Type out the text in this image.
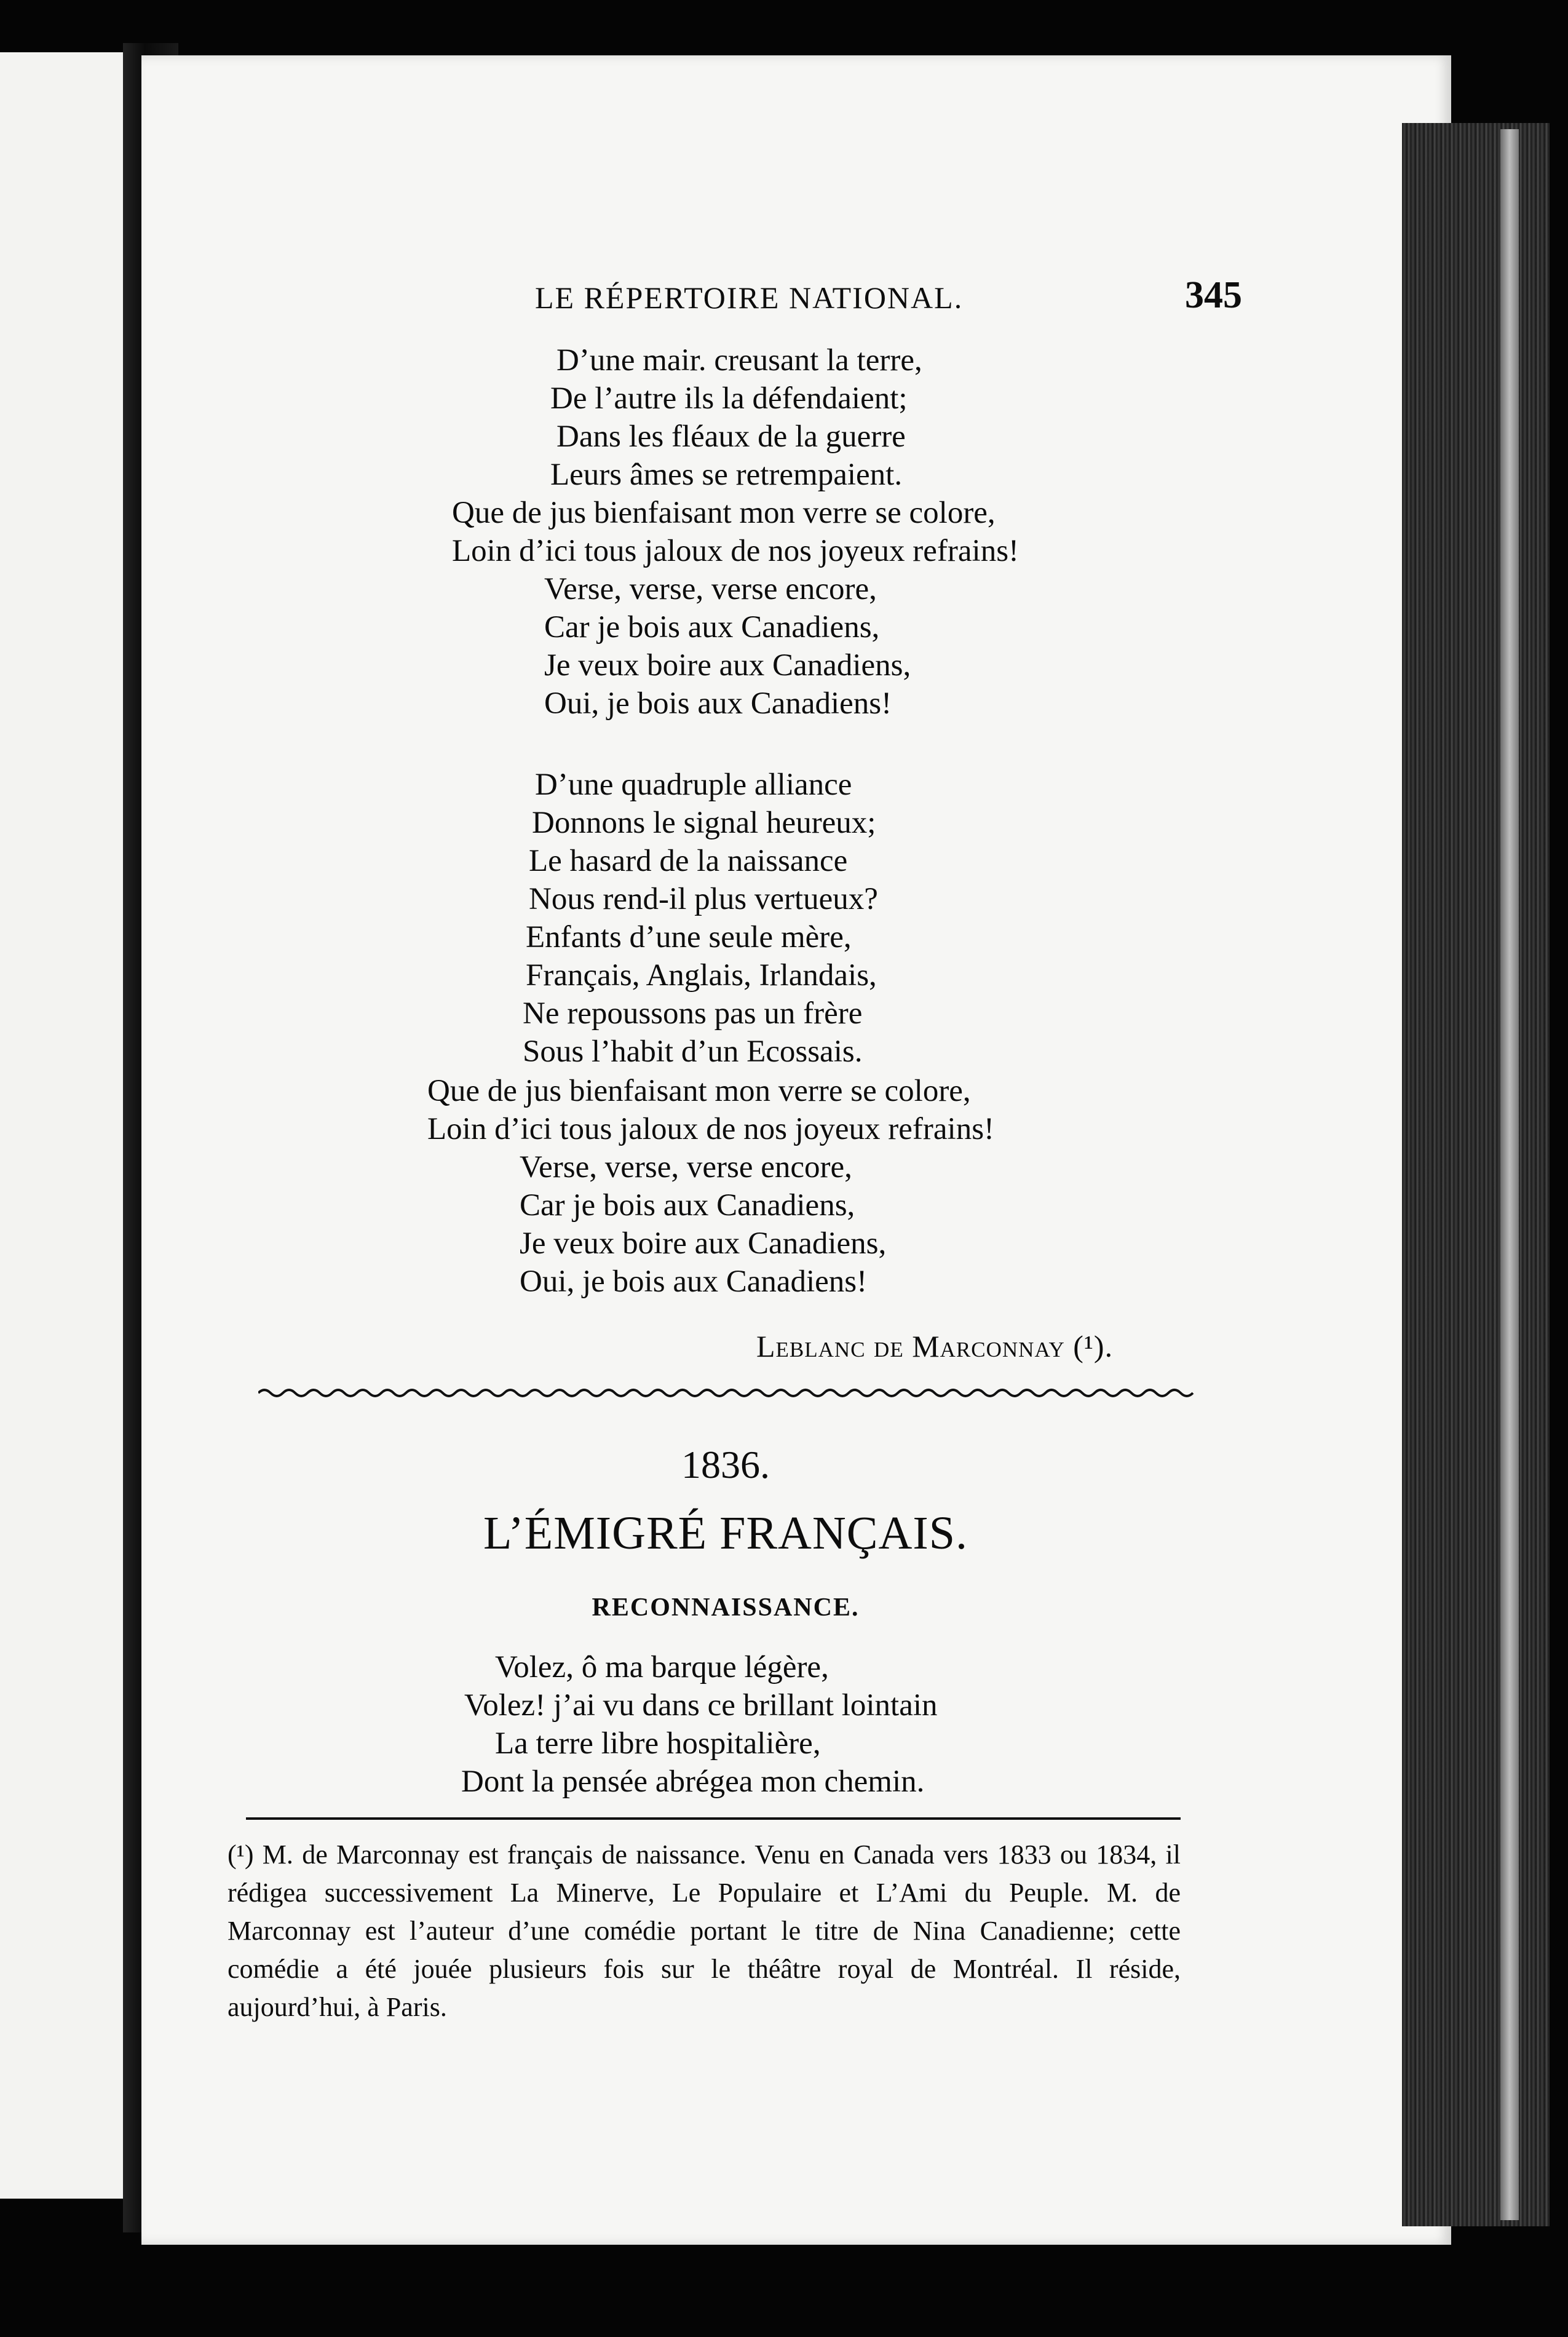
LE RÉPERTOIRE NATIONAL.	345
D’une mair. creusant la terre,
De l’autre ils la défendaient;
Dans les fléaux de la guerre
Leurs âmes se retrempaient.
Que de jus bienfaisant mon verre se colore,
Loin d’ici tous jaloux de nos joyeux refrains!
Verse, verse, verse encore,
Car je bois aux Canadiens,
Je veux boire aux Canadiens,
Oui, je bois aux Canadiens!
D’une quadruple alliance
Donnons le signal heureux;
Le hasard de la naissance
Nous rend-il plus vertueux?
Enfants d’une seule mère,
Français, Anglais, Irlandais,
Ne repoussons pas un frère
Sous l’habit d’un Ecossais.
Que de jus bienfaisant mon verre se colore,
Loin d’ici tous jaloux de nos joyeux refrains!
Verse, verse, verse encore,
Car je bois aux Canadiens,
Je veux boire aux Canadiens,
Oui, je bois aux Canadiens!
Leblanc de Marconnay (¹).
1836.
L’ÉMIGRÉ FRANÇAIS.
RECONNAISSANCE.
Volez, ô ma barque légère,
Volez! j’ai vu dans ce brillant lointain
La terre libre hospitalière,
Dont la pensée abrégea mon chemin.

(¹) M. de Marconnay est français de naissance. Venu en Canada vers 1833 ou 1834, il rédigea successivement La Minerve, Le Populaire et L’Ami du Peuple. M. de Marconnay est l’auteur d’une comédie portant le titre de Nina Canadienne; cette comédie a été jouée plusieurs fois sur le théâtre royal de Montréal. Il réside, aujourd’hui, à Paris.
